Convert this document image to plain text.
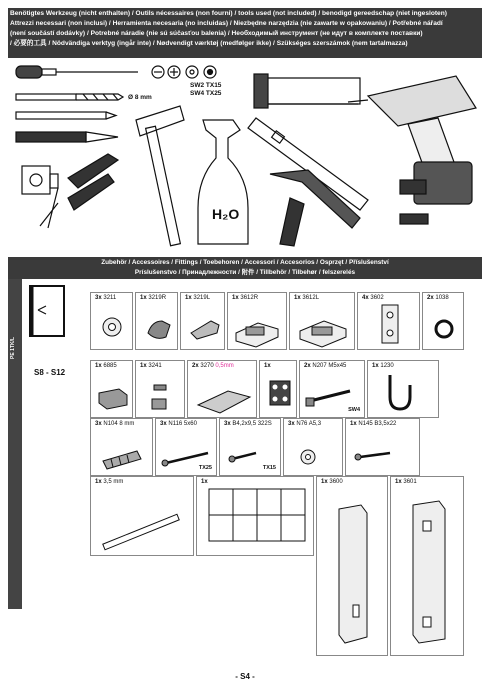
Benötigtes Werkzeug (nicht enthalten) / Outils nécessaires (non fourni) / tools used (not included) / benodigd gereedschap (niet ingesloten)
Attrezzi necessari (non inclusi) / Herramienta necesaria (no incluidas) / Niezbędne narzędzia (nie zawarte w opakowaniu) / Potřebné nářadí
(není součástí dodávky) / Potrebné náradie (nie sú súčasťou balenia) / Необходимый инструмент (не идут в комплекте поставки)
/ 必要的工具 / Nödvändiga verktyg (ingår inte) / Nødvendigt værktøj (medfølger ikke) / Szükséges szerszámok (nem tartalmazza)
SW2 TX15
SW4 TX25
Ø 8 mm
H₂O
Zubehör / Accessoires / Fittings / Toebehoren / Accessori / Accesorios / Osprzęt / Příslušenství
Príslušenstvo / Принадлежности / 附件 / Tillbehör / Tilbehør / felszerelés
PE 1TK/L
S8 - S12
3x 3211	1x 3219R	1x 3219L	1x 3612R	1x 3612L	4x 3602	2x 1038
1x 6885	1x 3241	2x 3270 0,5mm	1x	2x N207 M5x45
SW4
1x 1230
3x N104 8 mm	3x N116 5x60
TX25
3x B4,2x9,5 322S
TX15
3x N76 A5,3	1x N145 B3,5x22
1x 3,5 mm	1x	1x 3600	1x 3601
- S4 -
